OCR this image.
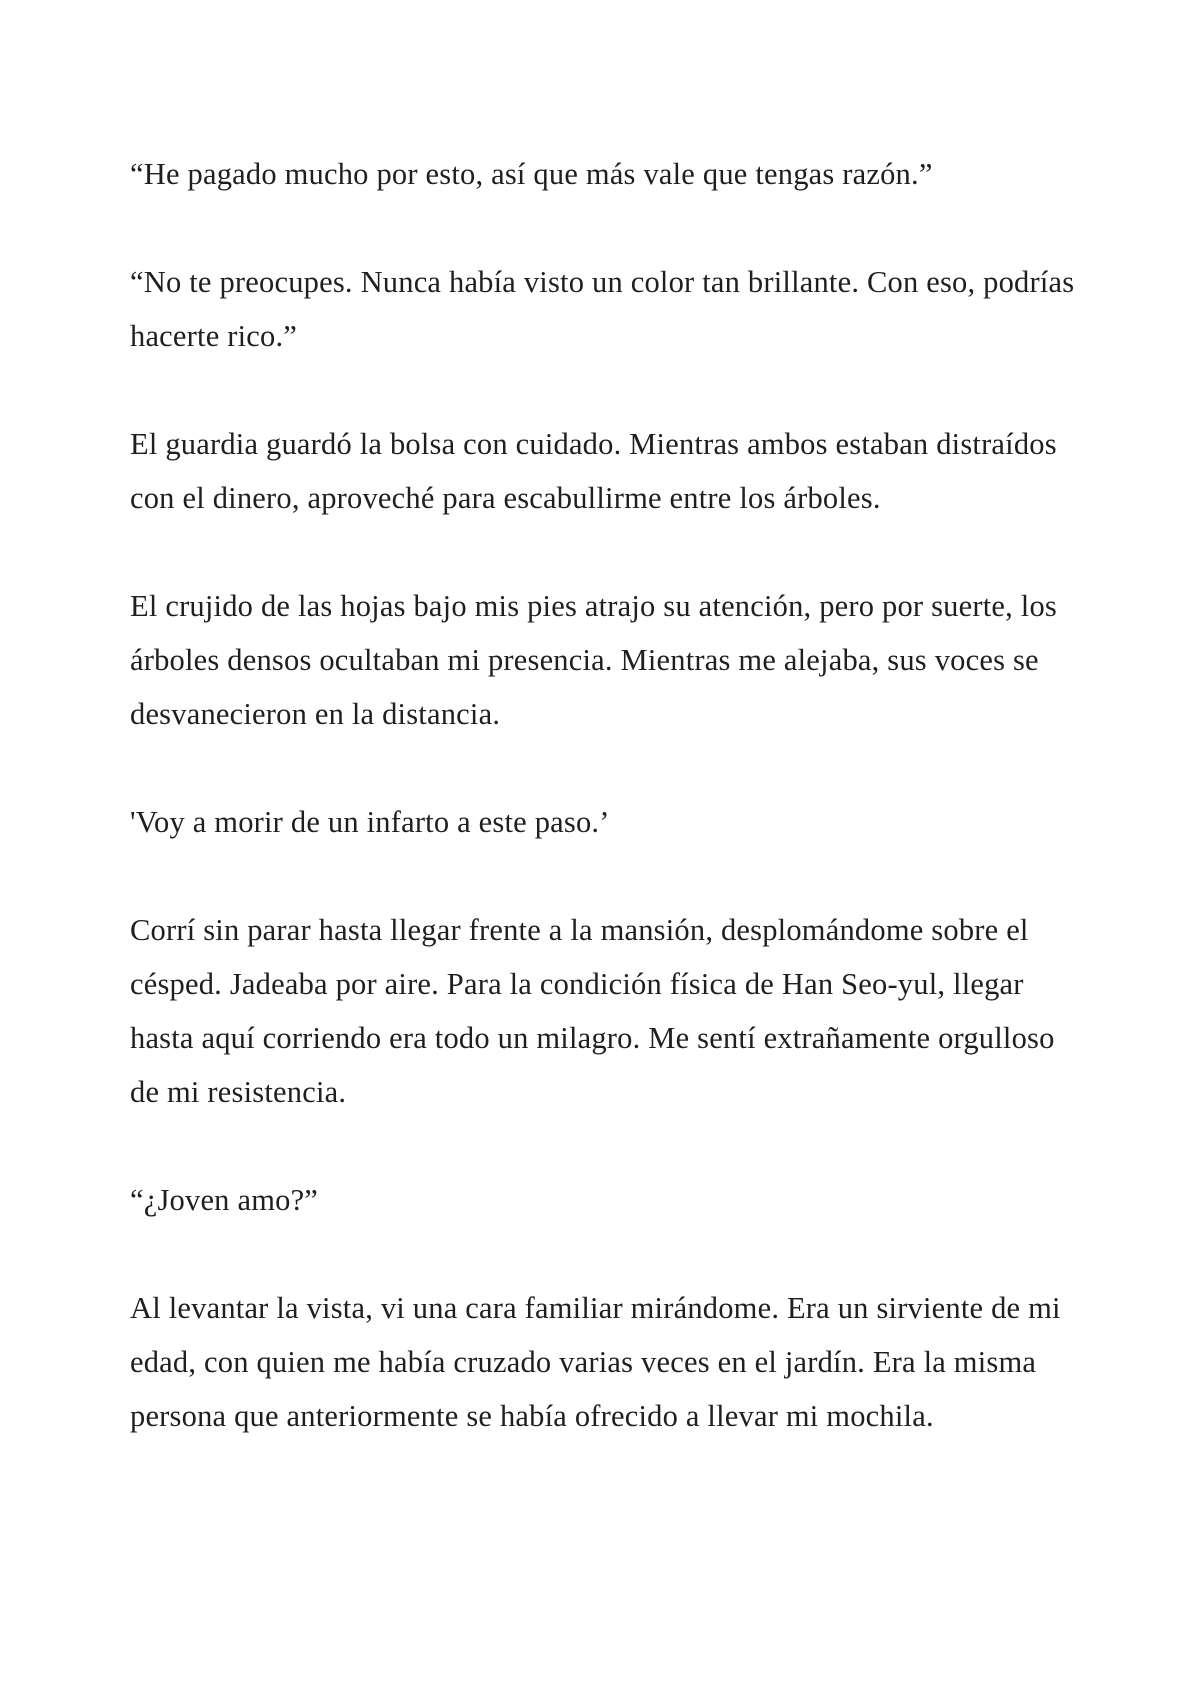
“He pagado mucho por esto, así que más vale que tengas razón.”

“No te preocupes. Nunca había visto un color tan brillante. Con eso, podrías hacerte rico.”

El guardia guardó la bolsa con cuidado. Mientras ambos estaban distraídos con el dinero, aproveché para escabullirme entre los árboles.

El crujido de las hojas bajo mis pies atrajo su atención, pero por suerte, los árboles densos ocultaban mi presencia. Mientras me alejaba, sus voces se desvanecieron en la distancia.

'Voy a morir de un infarto a este paso.’

Corrí sin parar hasta llegar frente a la mansión, desplomándome sobre el césped. Jadeaba por aire. Para la condición física de Han Seo-yul, llegar hasta aquí corriendo era todo un milagro. Me sentí extrañamente orgulloso de mi resistencia.

“¿Joven amo?”

Al levantar la vista, vi una cara familiar mirándome. Era un sirviente de mi edad, con quien me había cruzado varias veces en el jardín. Era la misma persona que anteriormente se había ofrecido a llevar mi mochila.
